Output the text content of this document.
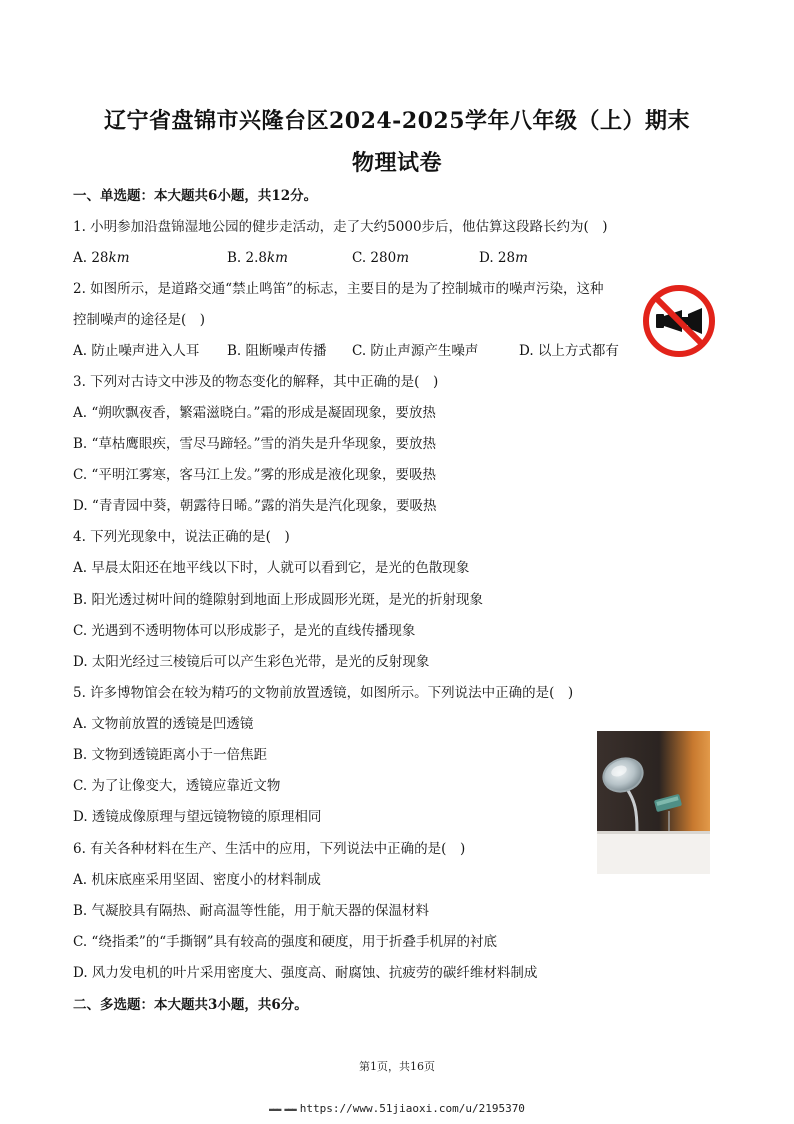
辽宁省盘锦市兴隆台区2024-2025学年八年级（上）期末
物理试卷
一、单选题：本大题共6小题，共12分。
1. 小明参加沿盘锦湿地公园的健步走活动，走了大约5000步后，他估算这段路长约为(　)
A. 28km	B. 2.8km	C. 280m	D. 28m
2. 如图所示，是道路交通“禁止鸣笛”的标志，主要目的是为了控制城市的噪声污染，这种
控制噪声的途径是(　)
A. 防止噪声进入人耳 B. 阻断噪声传播 C. 防止声源产生噪声	D. 以上方式都有
3. 下列对古诗文中涉及的物态变化的解释，其中正确的是(　)
A. “朔吹飘夜香，繁霜滋晓白。”霜的形成是凝固现象，要放热
B. “草枯鹰眼疾，雪尽马蹄轻。”雪的消失是升华现象，要放热
C. “平明江雾寒，客马江上发。”雾的形成是液化现象，要吸热
D. “青青园中葵，朝露待日晞。”露的消失是汽化现象，要吸热
4. 下列光现象中，说法正确的是(　)
A. 早晨太阳还在地平线以下时，人就可以看到它，是光的色散现象
B. 阳光透过树叶间的缝隙射到地面上形成圆形光斑，是光的折射现象
C. 光遇到不透明物体可以形成影子，是光的直线传播现象
D. 太阳光经过三棱镜后可以产生彩色光带，是光的反射现象
5. 许多博物馆会在较为精巧的文物前放置透镜，如图所示。下列说法中正确的是(　)
A. 文物前放置的透镜是凹透镜
B. 文物到透镜距离小于一倍焦距
C. 为了让像变大，透镜应靠近文物
D. 透镜成像原理与望远镜物镜的原理相同
6. 有关各种材料在生产、生活中的应用，下列说法中正确的是(　)
A. 机床底座采用坚固、密度小的材料制成
B. 气凝胶具有隔热、耐高温等性能，用于航天器的保温材料
C. “绕指柔”的“手撕钢”具有较高的强度和硬度，用于折叠手机屏的衬底
D. 风力发电机的叶片采用密度大、强度高、耐腐蚀、抗疲劳的碳纤维材料制成
二、多选题：本大题共3小题，共6分。
第1页，共16页
▬▬▬ ▬▬▬ https://www.51jiaoxi.com/u/2195370
